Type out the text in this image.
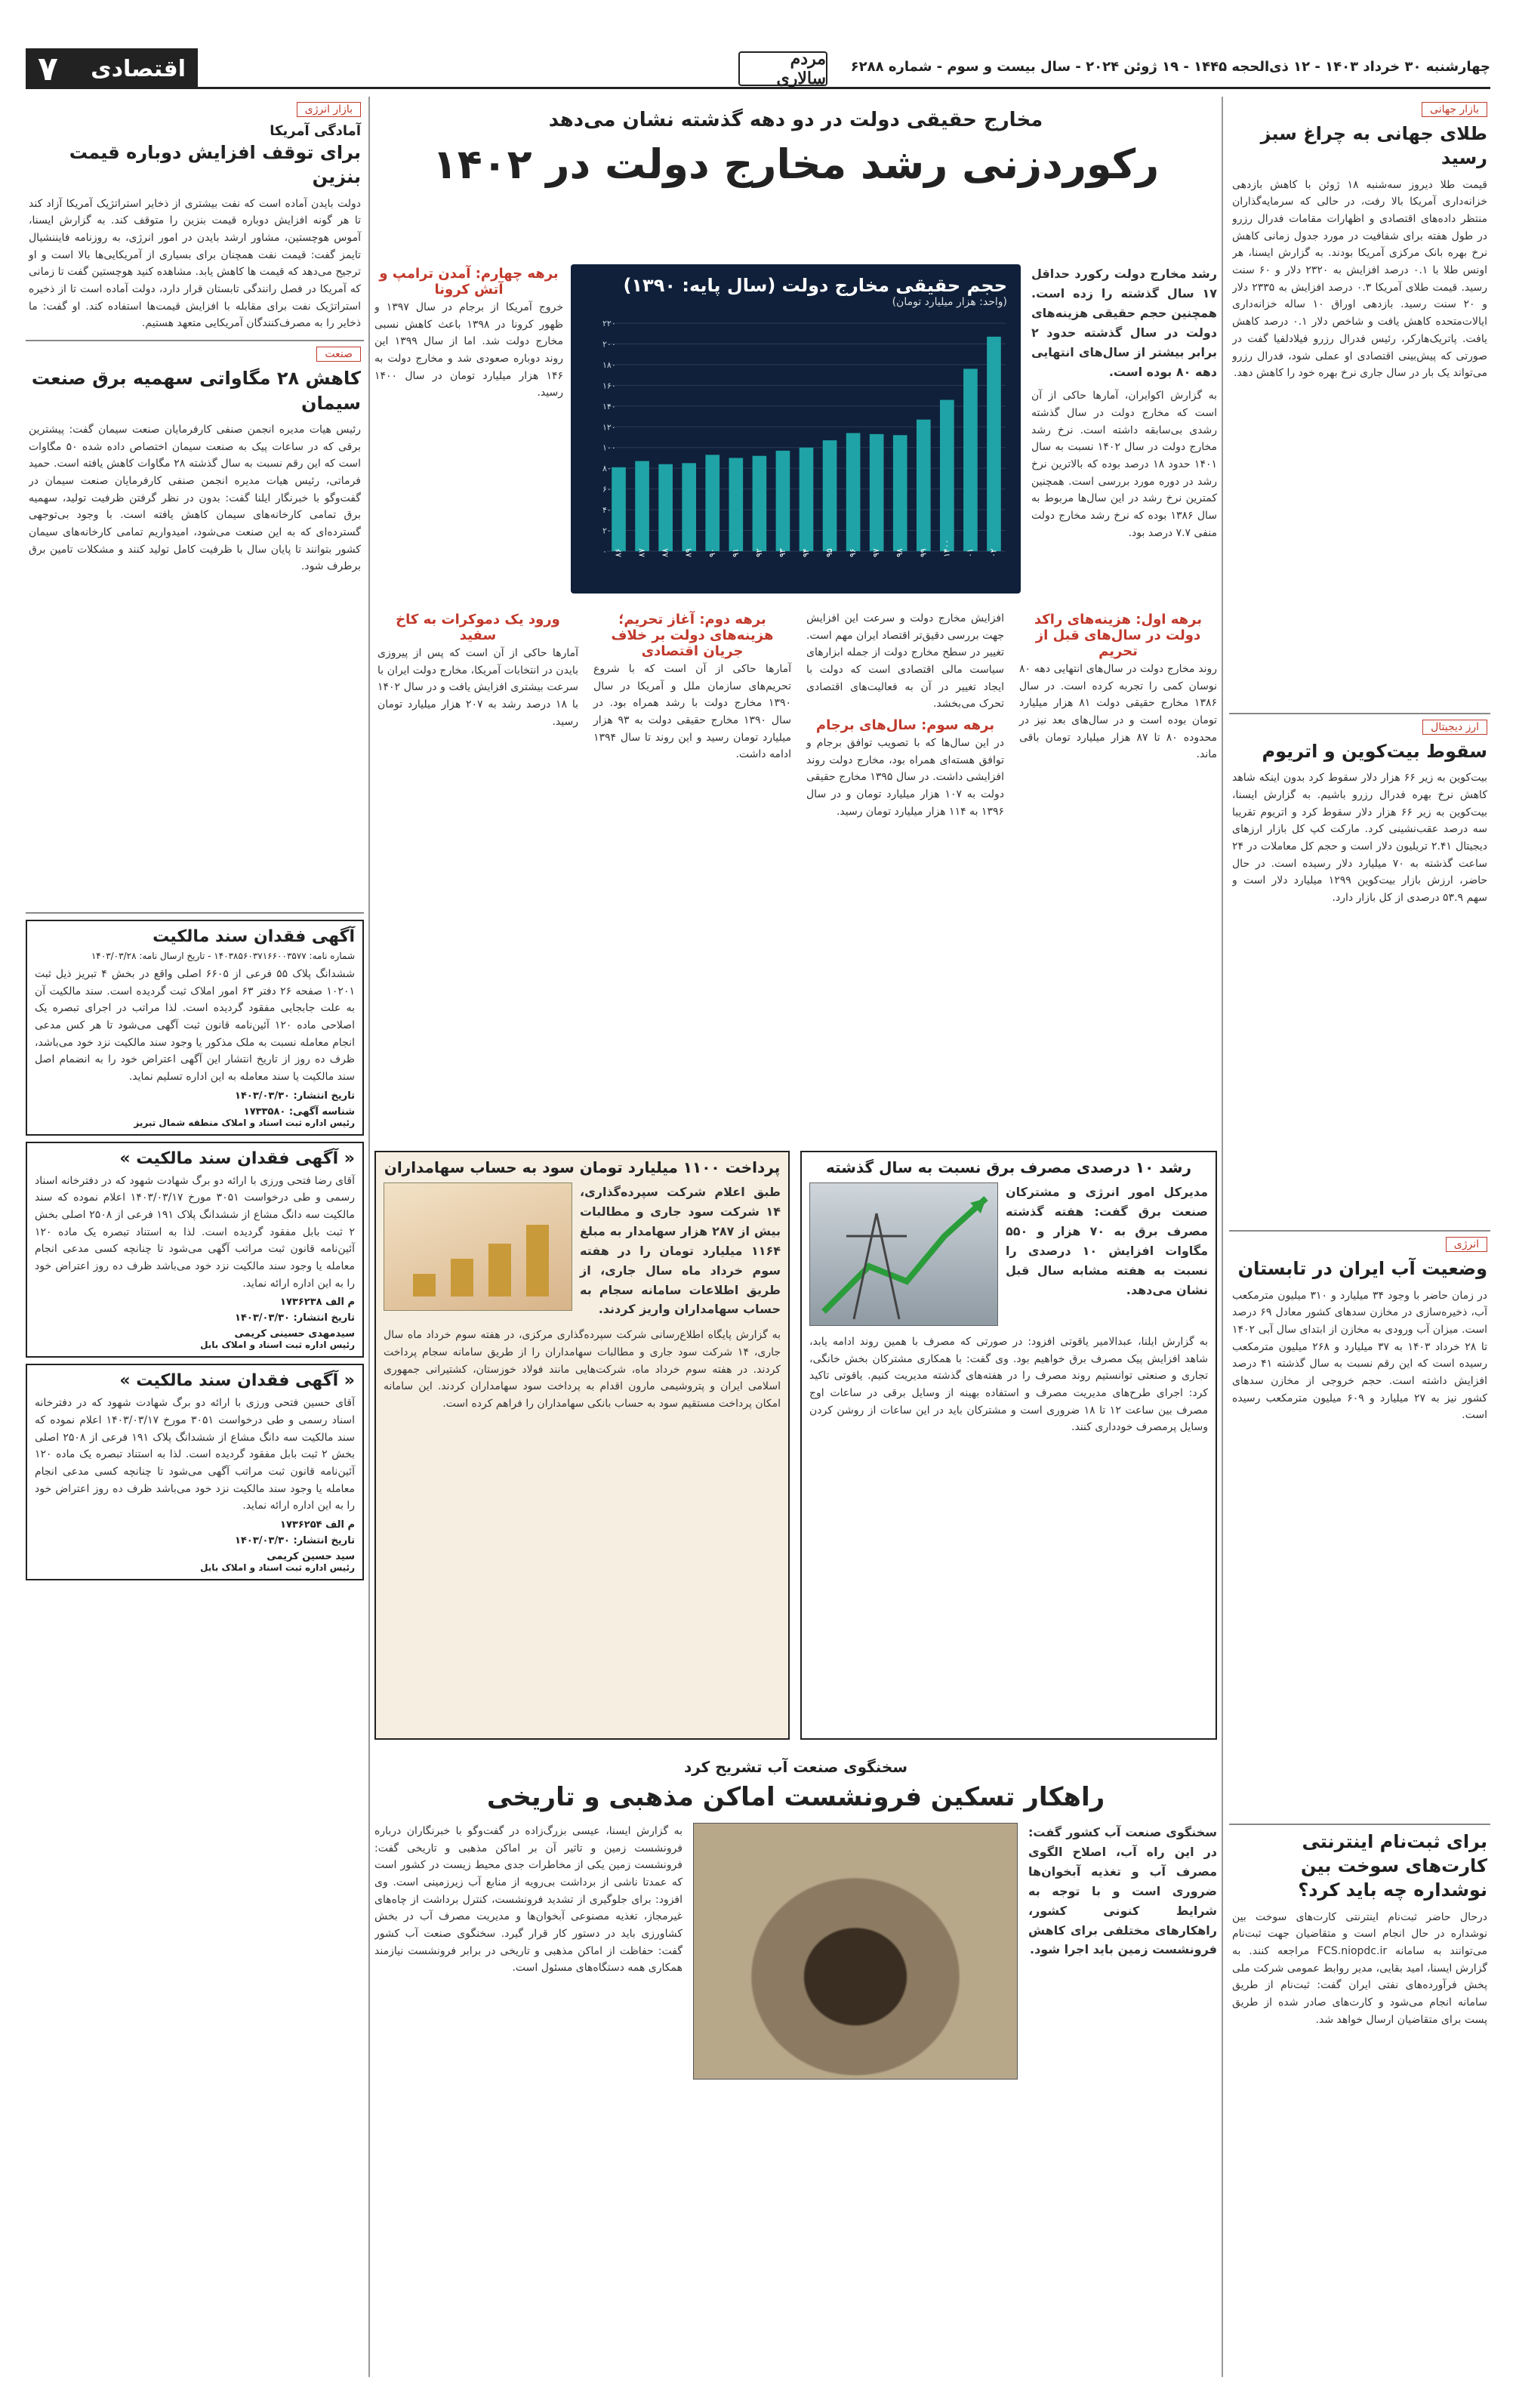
اقتصادی
۷	مردم سالاری
چهارشنبه ۳۰ خرداد ۱۴۰۳ - ۱۲ ذی‌الحجه ۱۴۴۵ - ۱۹ ژوئن ۲۰۲۴ - سال بیست و سوم - شماره ۶۲۸۸
بازار جهانی
طلای جهانی به چراغ سبز رسید
قیمت طلا دیروز سه‌شنبه ۱۸ ژوئن با کاهش بازدهی خزانه‌داری آمریکا بالا رفت، در حالی که سرمایه‌گذاران منتظر داده‌های اقتصادی و اظهارات مقامات فدرال رزرو در طول هفته برای شفافیت در مورد جدول زمانی کاهش نرخ بهره بانک مرکزی آمریکا بودند. به گزارش ایسنا، هر اونس طلا با ۰.۱ درصد افزایش به ۲۳۲۰ دلار و ۶۰ سنت رسید. قیمت طلای آمریکا ۰.۳ درصد افزایش به ۲۳۳۵ دلار و ۲۰ سنت رسید. بازدهی اوراق ۱۰ ساله خزانه‌داری ایالات‌متحده کاهش یافت و شاخص دلار ۰.۱ درصد کاهش یافت. پاتریک‌هارکر، رئیس فدرال رزرو فیلادلفیا گفت در صورتی که پیش‌بینی اقتصادی او عملی شود، فدرال رزرو می‌تواند یک بار در سال جاری نرخ بهره خود را کاهش دهد.
ارز دیجیتال
سقوط بیت‌کوین و اتریوم
بیت‌کوین به زیر ۶۶ هزار دلار سقوط کرد بدون اینکه شاهد کاهش نرخ بهره فدرال رزرو باشیم. به گزارش ایسنا، بیت‌کوین به زیر ۶۶ هزار دلار سقوط کرد و اتریوم تقریبا سه درصد عقب‌نشینی کرد. مارکت کپ کل بازار ارزهای دیجیتال ۲.۴۱ تریلیون دلار است و حجم کل معاملات در ۲۴ ساعت گذشته به ۷۰ میلیارد دلار رسیده است. در حال حاضر، ارزش بازار بیت‌کوین ۱۲۹۹ میلیارد دلار است و سهم ۵۳.۹ درصدی از کل بازار دارد.
انرژی
وضعیت آب ایران در تابستان
در زمان حاضر با وجود ۳۴ میلیارد و ۳۱۰ میلیون مترمکعب آب، ذخیره‌سازی در مخازن سدهای کشور معادل ۶۹ درصد است. میزان آب ورودی به مخازن از ابتدای سال آبی ۱۴۰۲ تا ۲۸ خرداد ۱۴۰۳ به ۳۷ میلیارد و ۲۶۸ میلیون مترمکعب رسیده است که این رقم نسبت به سال گذشته ۴۱ درصد افزایش داشته است. حجم خروجی از مخازن سدهای کشور نیز به ۲۷ میلیارد و ۶۰۹ میلیون مترمکعب رسیده است.
برای ثبت‌نام اینترنتی کارت‌های سوخت بین نوشداره چه باید کرد؟
درحال حاضر ثبت‌نام اینترنتی کارت‌های سوخت بین نوشداره در حال انجام است و متقاضیان جهت ثبت‌نام می‌توانند به سامانه FCS.niopdc.ir مراجعه کنند. به گزارش ایسنا، امید بقایی، مدیر روابط عمومی شرکت ملی پخش فرآورده‌های نفتی ایران گفت: ثبت‌نام از طریق سامانه انجام می‌شود و کارت‌های صادر شده از طریق پست برای متقاضیان ارسال خواهد شد.
بازار انرژی
آمادگی آمریکا
برای توقف افزایش دوباره قیمت بنزین
دولت بایدن آماده است که نفت بیشتری از ذخایر استراتژیک آمریکا آزاد کند تا هر گونه افزایش دوباره قیمت بنزین را متوقف کند. به گزارش ایسنا، آموس هوچستین، مشاور ارشد بایدن در امور انرژی، به روزنامه فایننشیال تایمز گفت: قیمت نفت همچنان برای بسیاری از آمریکایی‌ها بالا است و او ترجیح می‌دهد که قیمت ها کاهش یابد. مشاهده کنید هوچستین گفت تا زمانی که آمریکا در فصل رانندگی تابستان قرار دارد، دولت آماده است تا از ذخیره استراتژیک نفت برای مقابله با افزایش قیمت‌ها استفاده کند. او گفت: ما ذخایر را به مصرف‌کنندگان آمریکایی متعهد هستیم.
صنعت
کاهش ۲۸ مگاواتی سهمیه برق صنعت سیمان
رئیس هیات مدیره انجمن صنفی کارفرمایان صنعت سیمان گفت: پیشترین برقی که در ساعات پیک به صنعت سیمان اختصاص داده شده ۵۰ مگاوات است که این رقم نسبت به سال گذشته ۲۸ مگاوات کاهش یافته است. حمید فرماتی، رئیس هیات مدیره انجمن صنفی کارفرمایان صنعت سیمان در گفت‌وگو با خبرنگار ایلنا گفت: بدون در نظر گرفتن ظرفیت تولید، سهمیه برق تمامی کارخانه‌های سیمان کاهش یافته است. با وجود بی‌توجهی گسترده‌ای که به این صنعت می‌شود، امیدواریم تمامی کارخانه‌های سیمان کشور بتوانند تا پایان سال با ظرفیت کامل تولید کنند و مشکلات تامین برق برطرف شود.
آگهی فقدان سند مالکیت
شماره نامه: ۱۴۰۳۸۵۶۰۳۷۱۶۶۰۰۳۵۷۷ - تاریخ ارسال نامه: ۱۴۰۳/۰۳/۲۸
ششدانگ پلاک ۵۵ فرعی از ۶۶۰۵ اصلی واقع در بخش ۴ تبریز ذیل ثبت ۱۰۲۰۱ صفحه ۲۶ دفتر ۶۳ امور املاک ثبت گردیده است. سند مالکیت آن به علت جابجایی مفقود گردیده است. لذا مراتب در اجرای تبصره یک اصلاحی ماده ۱۲۰ آئین‌نامه قانون ثبت آگهی می‌شود تا هر کس مدعی انجام معامله نسبت به ملک مذکور یا وجود سند مالکیت نزد خود می‌باشد، ظرف ده روز از تاریخ انتشار این آگهی اعتراض خود را به انضمام اصل سند مالکیت یا سند معامله به این اداره تسلیم نماید.
تاریخ انتشار: ۱۴۰۳/۰۳/۳۰
شناسه آگهی: ۱۷۳۳۵۸۰
رئیس اداره ثبت اسناد و املاک منطقه شمال تبریز
« آگهی فقدان سند مالکیت »
آقای رضا فتحی ورزی با ارائه دو برگ شهادت شهود که در دفترخانه اسناد رسمی و طی درخواست ۳۰۵۱ مورخ ۱۴۰۳/۰۳/۱۷ اعلام نموده که سند مالکیت سه دانگ مشاع از ششدانگ پلاک ۱۹۱ فرعی از ۲۵۰۸ اصلی بخش ۲ ثبت بابل مفقود گردیده است. لذا به استناد تبصره یک ماده ۱۲۰ آئین‌نامه قانون ثبت مراتب آگهی می‌شود تا چنانچه کسی مدعی انجام معامله یا وجود سند مالکیت نزد خود می‌باشد ظرف ده روز اعتراض خود را به این اداره ارائه نماید.
م الف ۱۷۳۶۲۳۸
تاریخ انتشار: ۱۴۰۳/۰۳/۳۰
سیدمهدی حسینی کریمی
رئیس اداره ثبت اسناد و املاک بابل
« آگهی فقدان سند مالکیت »
آقای حسین فتحی ورزی با ارائه دو برگ شهادت شهود که در دفترخانه اسناد رسمی و طی درخواست ۳۰۵۱ مورخ ۱۴۰۳/۰۳/۱۷ اعلام نموده که سند مالکیت سه دانگ مشاع از ششدانگ پلاک ۱۹۱ فرعی از ۲۵۰۸ اصلی بخش ۲ ثبت بابل مفقود گردیده است. لذا به استناد تبصره یک ماده ۱۲۰ آئین‌نامه قانون ثبت مراتب آگهی می‌شود تا چنانچه کسی مدعی انجام معامله یا وجود سند مالکیت نزد خود می‌باشد ظرف ده روز اعتراض خود را به این اداره ارائه نماید.
م الف ۱۷۳۶۲۵۴
تاریخ انتشار: ۱۴۰۳/۰۳/۳۰
سید حسین کریمی
رئیس اداره ثبت اسناد و املاک بابل
مخارج حقیقی دولت در دو دهه گذشته نشان می‌دهد
رکوردزنی رشد مخارج دولت در ۱۴۰۲
رشد مخارج دولت رکورد حداقل ۱۷ سال گذشته را زده است. همچنین حجم حقیقی هزینه‌های دولت در سال گذشته حدود ۲ برابر بیشتر از سال‌های انتهایی دهه ۸۰ بوده است.
به گزارش اکوایران، آمارها حاکی از آن است که مخارج دولت در سال گذشته رشدی بی‌سابقه داشته است. نرخ رشد مخارج دولت در سال ۱۴۰۲ نسبت به سال ۱۴۰۱ حدود ۱۸ درصد بوده که بالاترین نرخ رشد در دوره مورد بررسی است. همچنین کمترین نرخ رشد در این سال‌ها مربوط به سال ۱۳۸۶ بوده که نرخ رشد مخارج دولت منفی ۷.۷ درصد بود.
برهه چهارم: آمدن ترامپ و آتش کرونا
خروج آمریکا از برجام در سال ۱۳۹۷ و ظهور کرونا در ۱۳۹۸ باعث کاهش نسبی مخارج دولت شد. اما از سال ۱۳۹۹ این روند دوباره صعودی شد و مخارج دولت به ۱۴۶ هزار میلیارد تومان در سال ۱۴۰۰ رسید.
حجم حقیقی مخارج دولت (سال پایه: ۱۳۹۰)
(واحد: هزار میلیارد تومان)
۰
۲۰
۴۰
۶۰
۸۰
۱۰۰
۱۲۰
۱۴۰
۱۶۰
۱۸۰
۲۰۰
۲۲۰
۸۶ ۸۷ ۸۸ ۸۹ ۹۰ ۹۱ ۹۲ ۹۳ ۹۴ ۹۵ ۹۶ ۹۷ ۹۸ ۹۹ ۱۴۰۰ ۰۱ ۰۲
برهه اول: هزینه‌های راکد دولت در سال‌های قبل از تحریم
روند مخارج دولت در سال‌های انتهایی دهه ۸۰ نوسان کمی را تجربه کرده است. در سال ۱۳۸۶ مخارج حقیقی دولت ۸۱ هزار میلیارد تومان بوده است و در سال‌های بعد نیز در محدوده ۸۰ تا ۸۷ هزار میلیارد تومان باقی ماند.
افزایش مخارج دولت و سرعت این افزایش جهت بررسی دقیق‌تر اقتصاد ایران مهم است. تغییر در سطح مخارج دولت از جمله ابزارهای سیاست مالی اقتصادی است که دولت با ایجاد تغییر در آن به فعالیت‌های اقتصادی تحرک می‌بخشد.
برهه سوم: سال‌های برجام
در این سال‌ها که با تصویب توافق برجام و توافق هسته‌ای همراه بود، مخارج دولت روند افزایشی داشت. در سال ۱۳۹۵ مخارج حقیقی دولت به ۱۰۷ هزار میلیارد تومان و در سال ۱۳۹۶ به ۱۱۴ هزار میلیارد تومان رسید.
برهه دوم: آغاز تحریم؛ هزینه‌های دولت بر خلاف جریان اقتصادی
آمارها حاکی از آن است که با شروع تحریم‌های سازمان ملل و آمریکا در سال ۱۳۹۰ مخارج دولت با رشد همراه بود. در سال ۱۳۹۰ مخارج حقیقی دولت به ۹۳ هزار میلیارد تومان رسید و این روند تا سال ۱۳۹۴ ادامه داشت.
ورود یک دموکرات به کاخ سفید
آمارها حاکی از آن است که پس از پیروزی بایدن در انتخابات آمریکا، مخارج دولت ایران با سرعت بیشتری افزایش یافت و در سال ۱۴۰۲ با ۱۸ درصد رشد به ۲۰۷ هزار میلیارد تومان رسید.
رشد ۱۰ درصدی مصرف برق نسبت به سال گذشته
مدیرکل امور انرژی و مشترکان صنعت برق گفت: هفته گذشته مصرف برق به ۷۰ هزار و ۵۵۰ مگاوات افزایش ۱۰ درصدی را نسبت به هفته مشابه سال قبل نشان می‌دهد.
به گزارش ایلنا، عبدالامیر یاقوتی افزود: در صورتی که مصرف با همین روند ادامه یابد، شاهد افزایش پیک مصرف برق خواهیم بود. وی گفت: با همکاری مشترکان بخش خانگی، تجاری و صنعتی توانستیم روند مصرف را در هفته‌های گذشته مدیریت کنیم. یاقوتی تاکید کرد: اجرای طرح‌های مدیریت مصرف و استفاده بهینه از وسایل برقی در ساعات اوج مصرف بین ساعت ۱۲ تا ۱۸ ضروری است و مشترکان باید در این ساعات از روشن کردن وسایل پرمصرف خودداری کنند.
پرداخت ۱۱۰۰ میلیارد تومان سود به حساب سهامداران
طبق اعلام شرکت سپرده‌گذاری، ۱۴ شرکت سود جاری و مطالبات بیش از ۲۸۷ هزار سهامدار به مبلغ ۱۱۶۴ میلیارد تومان را در هفته سوم خرداد ماه سال جاری، از طریق اطلاعات سامانه سجام به حساب سهامداران واریز کردند.
به گزارش پایگاه اطلاع‌رسانی شرکت سپرده‌گذاری مرکزی، در هفته سوم خرداد ماه سال جاری، ۱۴ شرکت سود جاری و مطالبات سهامداران را از طریق سامانه سجام پرداخت کردند. در هفته سوم خرداد ماه، شرکت‌هایی مانند فولاد خوزستان، کشتیرانی جمهوری اسلامی ایران و پتروشیمی مارون اقدام به پرداخت سود سهامداران کردند. این سامانه امکان پرداخت مستقیم سود به حساب بانکی سهامداران را فراهم کرده است.
سخنگوی صنعت آب تشریح کرد
راهکار تسکین فرونشست اماکن مذهبی و تاریخی
سخنگوی صنعت آب کشور گفت: در این راه آب، اصلاح الگوی مصرف آب و تغذیه آبخوان‌ها ضروری است و با توجه به شرایط کنونی کشور، راهکارهای مختلفی برای کاهش فرونشست زمین باید اجرا شود.
به گزارش ایسنا، عیسی بزرگ‌زاده در گفت‌وگو با خبرنگاران درباره فرونشست زمین و تاثیر آن بر اماکن مذهبی و تاریخی گفت: فرونشست زمین یکی از مخاطرات جدی محیط زیست در کشور است که عمدتا ناشی از برداشت بی‌رویه از منابع آب زیرزمینی است. وی افزود: برای جلوگیری از تشدید فرونشست، کنترل برداشت از چاه‌های غیرمجاز، تغذیه مصنوعی آبخوان‌ها و مدیریت مصرف آب در بخش کشاورزی باید در دستور کار قرار گیرد. سخنگوی صنعت آب کشور گفت: حفاظت از اماکن مذهبی و تاریخی در برابر فرونشست نیازمند همکاری همه دستگاه‌های مسئول است.
